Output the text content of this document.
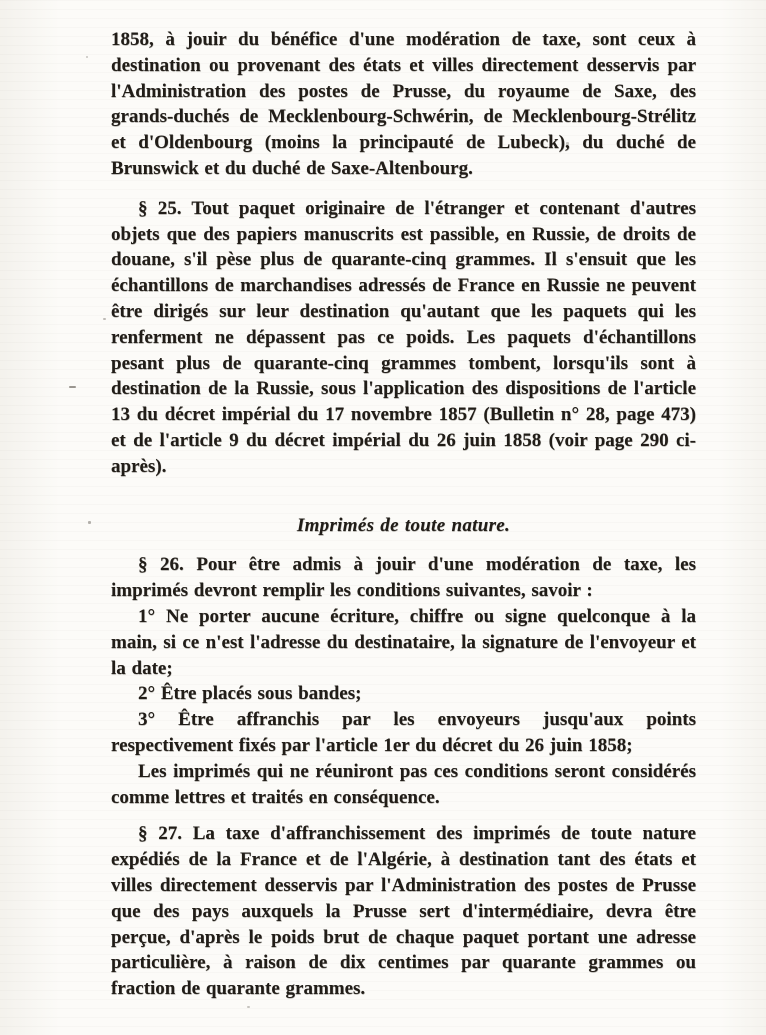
1858, à jouir du bénéfice d'une modération de taxe, sont ceux à destination ou provenant des états et villes directement desservis par l'Administration des postes de Prusse, du royaume de Saxe, des grands-duchés de Mecklenbourg-Schwérin, de Mecklenbourg-Strélitz et d'Oldenbourg (moins la principauté de Lubeck), du duché de Brunswick et du duché de Saxe-Altenbourg.

§ 25. Tout paquet originaire de l'étranger et contenant d'autres objets que des papiers manuscrits est passible, en Russie, de droits de douane, s'il pèse plus de quarante-cinq grammes. Il s'ensuit que les échantillons de marchandises adressés de France en Russie ne peuvent être dirigés sur leur destination qu'autant que les paquets qui les renferment ne dépassent pas ce poids. Les paquets d'échantillons pesant plus de quarante-cinq grammes tombent, lorsqu'ils sont à destination de la Russie, sous l'application des dispositions de l'article 13 du décret impérial du 17 novembre 1857 (Bulletin n° 28, page 473) et de l'article 9 du décret impérial du 26 juin 1858 (voir page 290 ci-après).

Imprimés de toute nature.

§ 26. Pour être admis à jouir d'une modération de taxe, les imprimés devront remplir les conditions suivantes, savoir :

1° Ne porter aucune écriture, chiffre ou signe quelconque à la main, si ce n'est l'adresse du destinataire, la signature de l'envoyeur et la date;

2° Être placés sous bandes;

3° Être affranchis par les envoyeurs jusqu'aux points respectivement fixés par l'article 1er du décret du 26 juin 1858;

Les imprimés qui ne réuniront pas ces conditions seront considérés comme lettres et traités en conséquence.

§ 27. La taxe d'affranchissement des imprimés de toute nature expédiés de la France et de l'Algérie, à destination tant des états et villes directement desservis par l'Administration des postes de Prusse que des pays auxquels la Prusse sert d'intermédiaire, devra être perçue, d'après le poids brut de chaque paquet portant une adresse particulière, à raison de dix centimes par quarante grammes ou fraction de quarante grammes.
